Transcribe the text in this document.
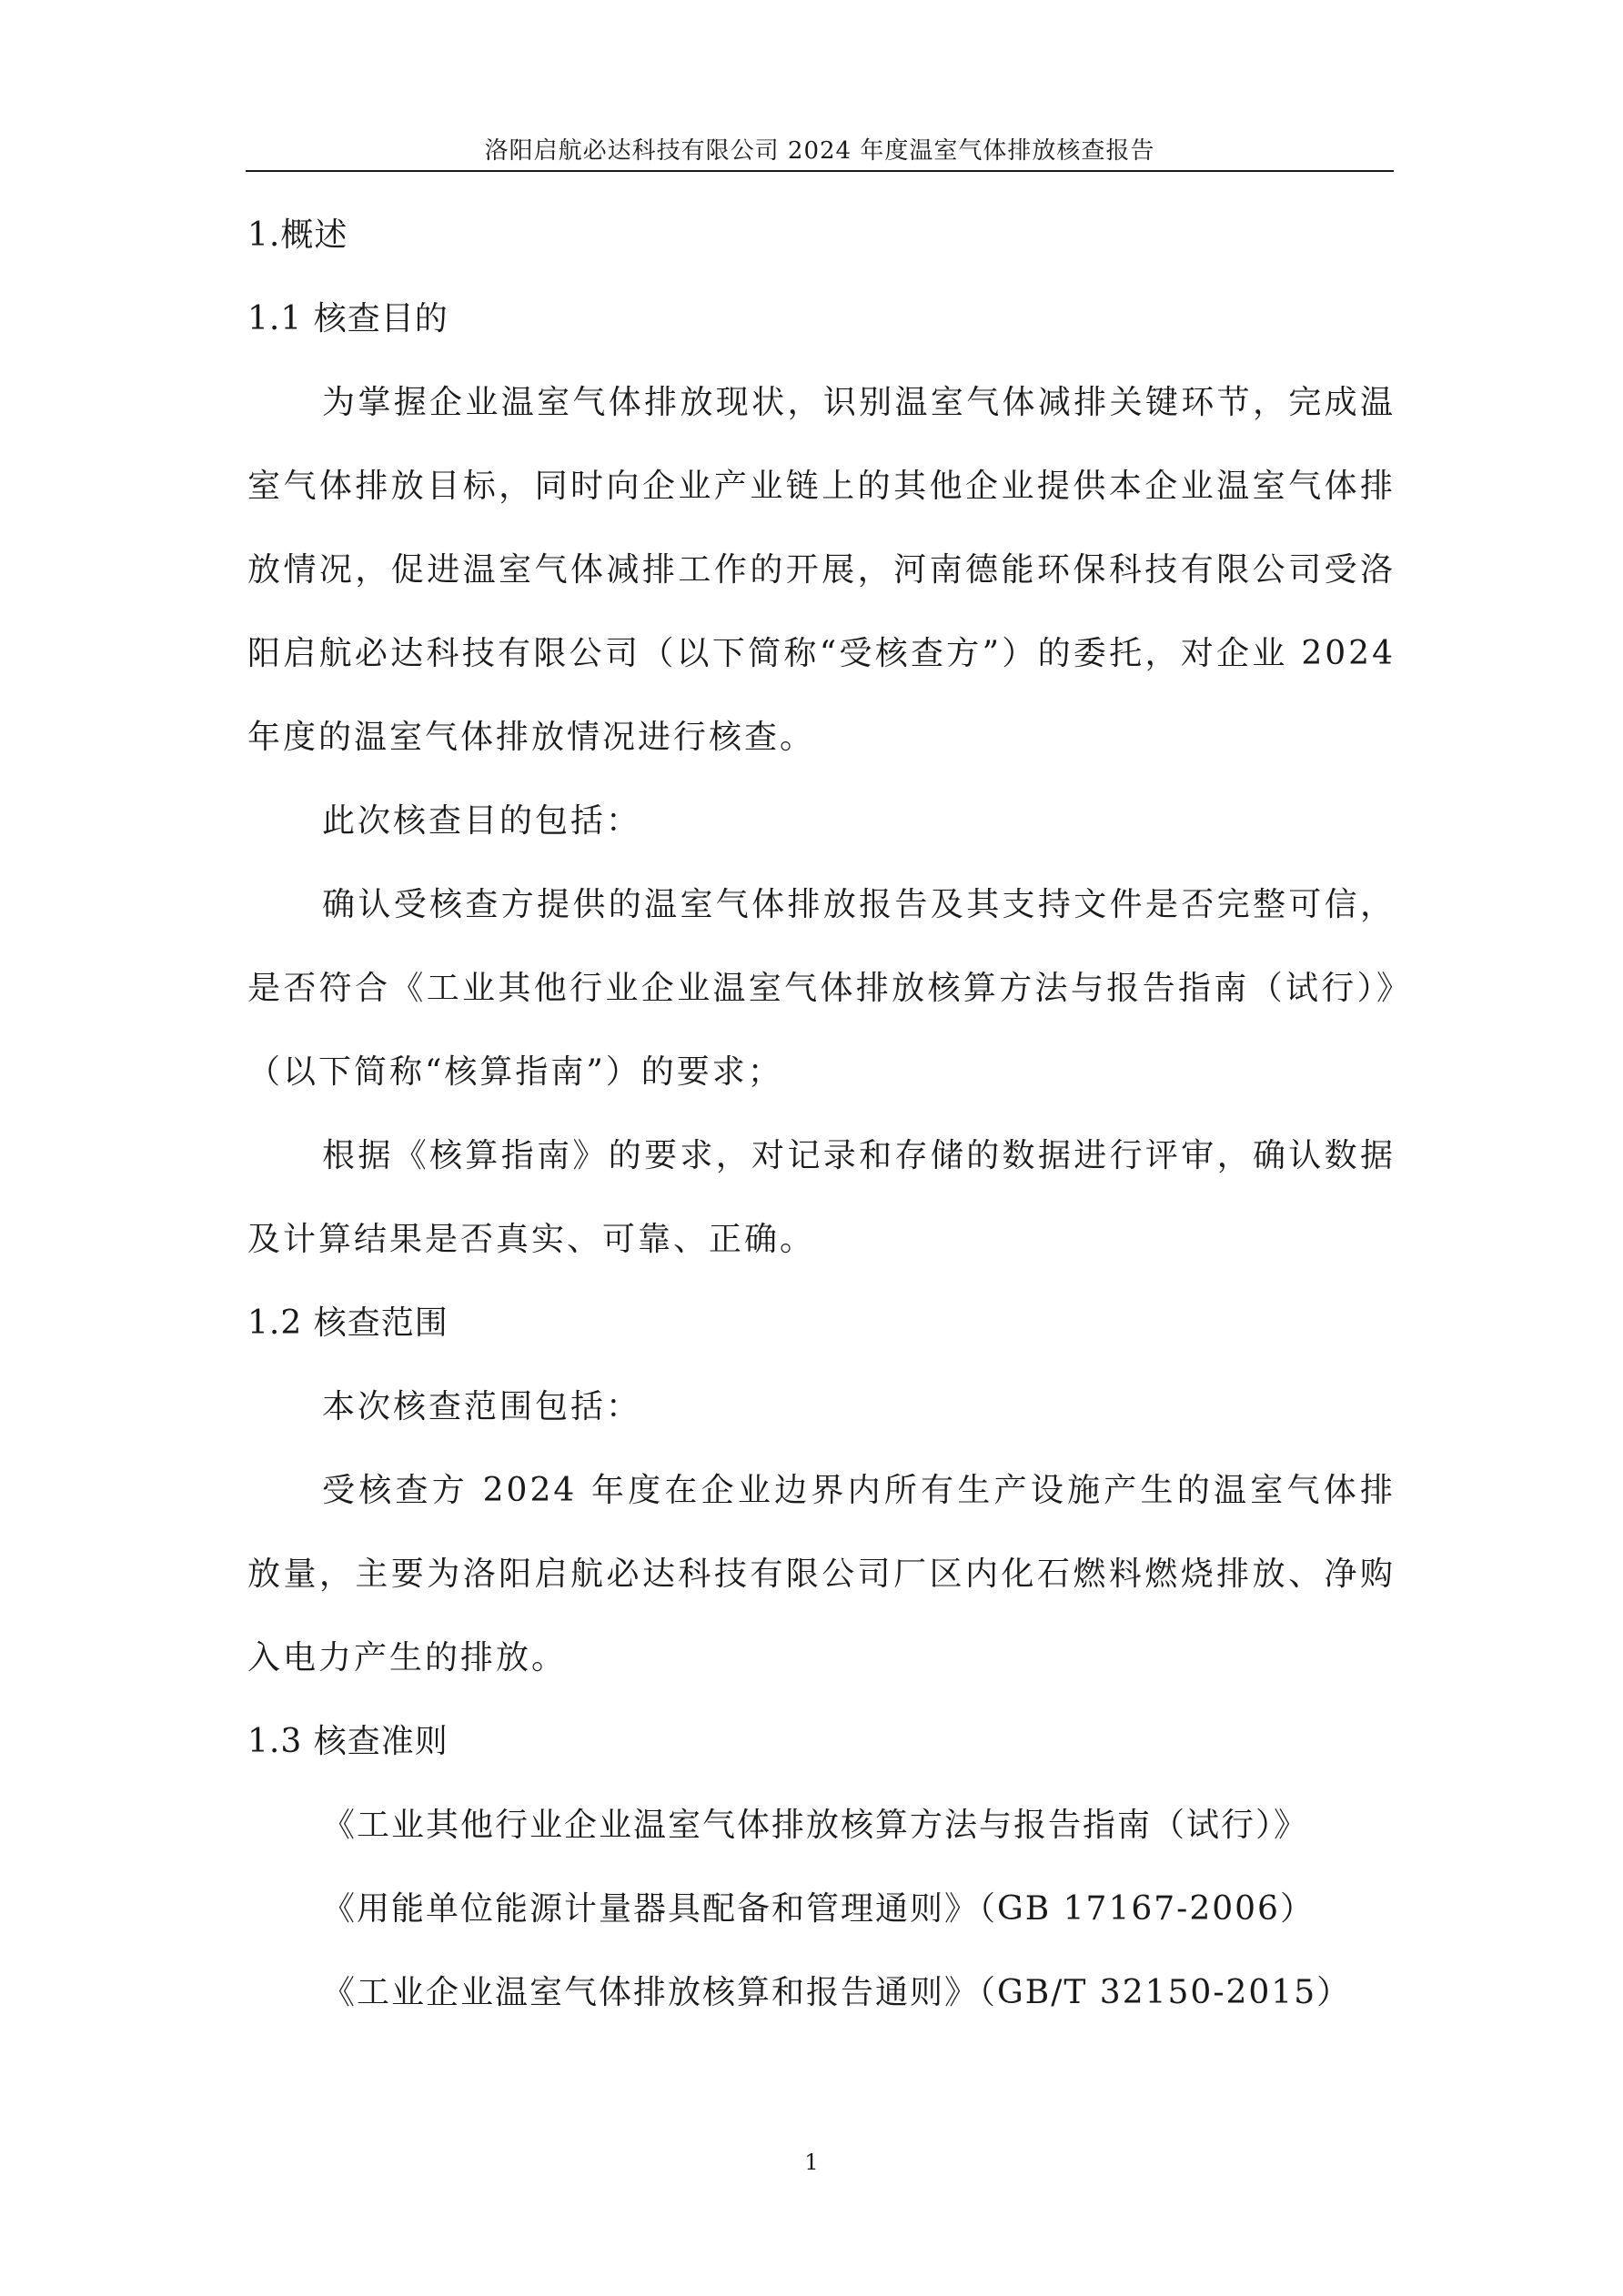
洛阳启航必达科技有限公司 2024 年度温室气体排放核查报告
1.概述
1.1 核查目的

为掌握企业温室气体排放现状，识别温室气体减排关键环节，完成温室气体排放目标，同时向企业产业链上的其他企业提供本企业温室气体排放情况，促进温室气体减排工作的开展，河南德能环保科技有限公司受洛阳启航必达科技有限公司（以下简称“受核查方”）的委托，对企业 2024 年度的温室气体排放情况进行核查。

此次核查目的包括：

确认受核查方提供的温室气体排放报告及其支持文件是否完整可信，是否符合《工业其他行业企业温室气体排放核算方法与报告指南（试行）》（以下简称“核算指南”）的要求；

根据《核算指南》的要求，对记录和存储的数据进行评审，确认数据及计算结果是否真实、可靠、正确。

1.2 核查范围

本次核查范围包括：

受核查方 2024 年度在企业边界内所有生产设施产生的温室气体排放量，主要为洛阳启航必达科技有限公司厂区内化石燃料燃烧排放、净购入电力产生的排放。

1.3 核查准则

《工业其他行业企业温室气体排放核算方法与报告指南（试行）》

《用能单位能源计量器具配备和管理通则》（GB 17167-2006）

《工业企业温室气体排放核算和报告通则》（GB/T 32150-2015）

1
